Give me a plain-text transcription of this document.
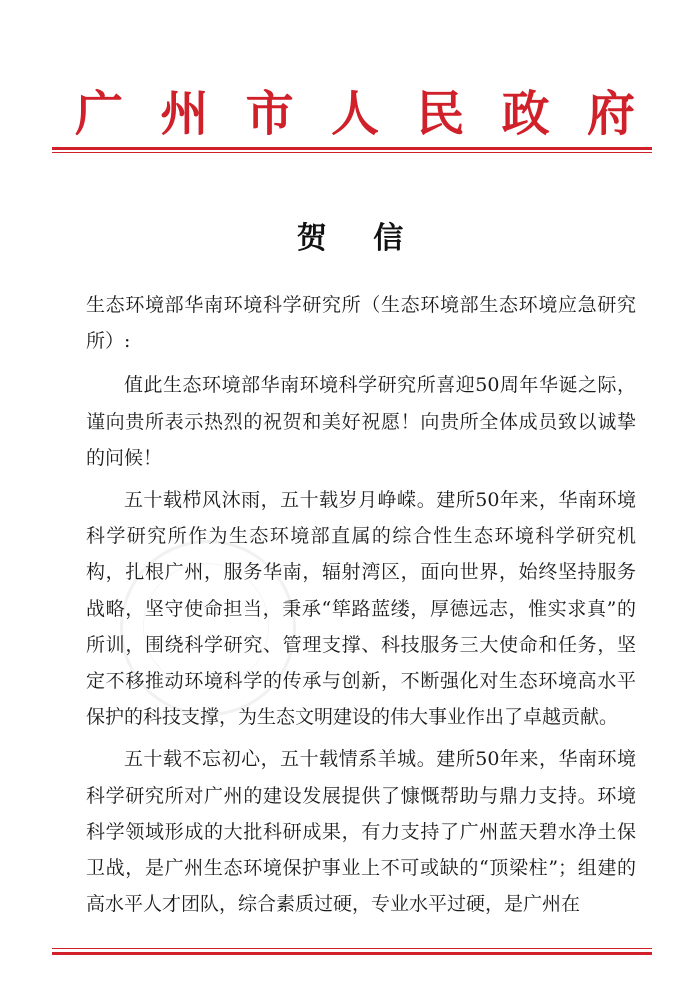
广 州 市 人 民 政 府
贺 信

生态环境部华南环境科学研究所（生态环境部生态环境应急研究所）:

值此生态环境部华南环境科学研究所喜迎50周年华诞之际，谨向贵所表示热烈的祝贺和美好祝愿！向贵所全体成员致以诚挚的问候！

五十载栉风沐雨，五十载岁月峥嵘。建所50年来，华南环境科学研究所作为生态环境部直属的综合性生态环境科学研究机构，扎根广州，服务华南，辐射湾区，面向世界，始终坚持服务战略，坚守使命担当，秉承“筚路蓝缕，厚德远志，惟实求真”的所训，围绕科学研究、管理支撑、科技服务三大使命和任务，坚定不移推动环境科学的传承与创新，不断强化对生态环境高水平保护的科技支撑，为生态文明建设的伟大事业作出了卓越贡献。

五十载不忘初心，五十载情系羊城。建所50年来，华南环境科学研究所对广州的建设发展提供了慷慨帮助与鼎力支持。环境科学领域形成的大批科研成果，有力支持了广州蓝天碧水净土保卫战，是广州生态环境保护事业上不可或缺的“顶梁柱”；组建的高水平人才团队，综合素质过硬，专业水平过硬，是广州在
